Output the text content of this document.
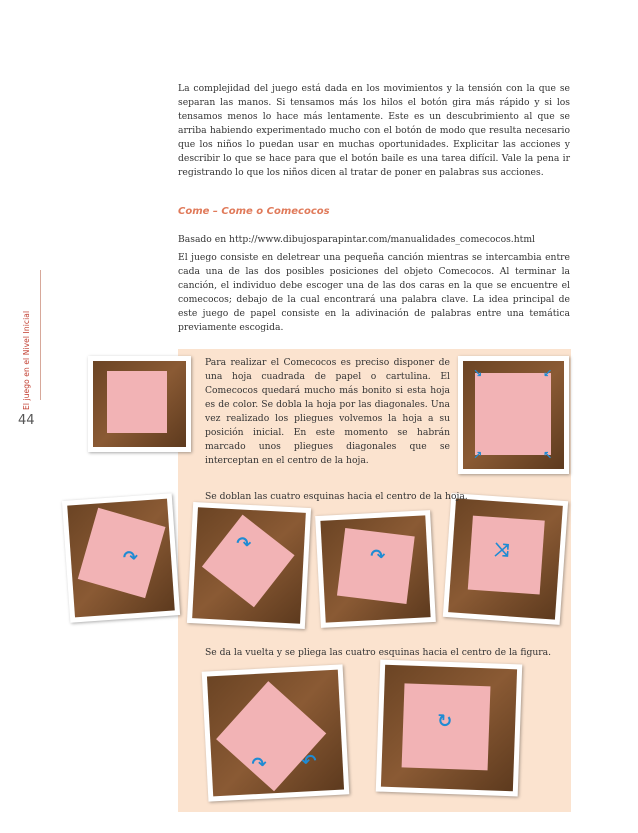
El juego en el Nivel Inicial
44
La complejidad del juego está dada en los movimientos y la tensión con la que se separan las manos. Si tensamos más los hilos el botón gira más rápido y si los tensamos menos lo hace más lentamente. Este es un descubrimiento al que se arriba habiendo experimentado mucho con el botón de modo que resulta necesario que los niños lo puedan usar en muchas oportunidades. Explicitar las acciones y describir lo que se hace para que el botón baile es una tarea difícil. Vale la pena ir registrando lo que los niños dicen al tratar de poner en palabras sus acciones.
Come – Come o Comecocos
Basado en http://www.dibujosparapintar.com/manualidades_comecocos.html
El juego consiste en deletrear una pequeña canción mientras se intercambia entre cada una de las dos posibles posiciones del objeto Comecocos. Al terminar la canción, el individuo debe escoger una de las dos caras en la que se encuentre el comecocos; debajo de la cual encontrará una palabra clave. La idea principal de este juego de papel consiste en la adivinación de palabras entre una temática previamente escogida.
↘	↙
↗	↖
↷
↷
↷	⤨
↷ ↶
↻
Para realizar el Comecocos es preciso disponer de una hoja cuadrada de papel o cartulina. El Comecocos quedará mucho más bonito si esta hoja es de color. Se dobla la hoja por las diagonales. Una vez realizado los pliegues volvemos la hoja a su posición inicial. En este momento se habrán marcado unos pliegues diagonales que se interceptan en el centro de la hoja.
Se doblan las cuatro esquinas hacia el centro de la hoja.
Se da la vuelta y se pliega las cuatro esquinas hacia el centro de la figura.
